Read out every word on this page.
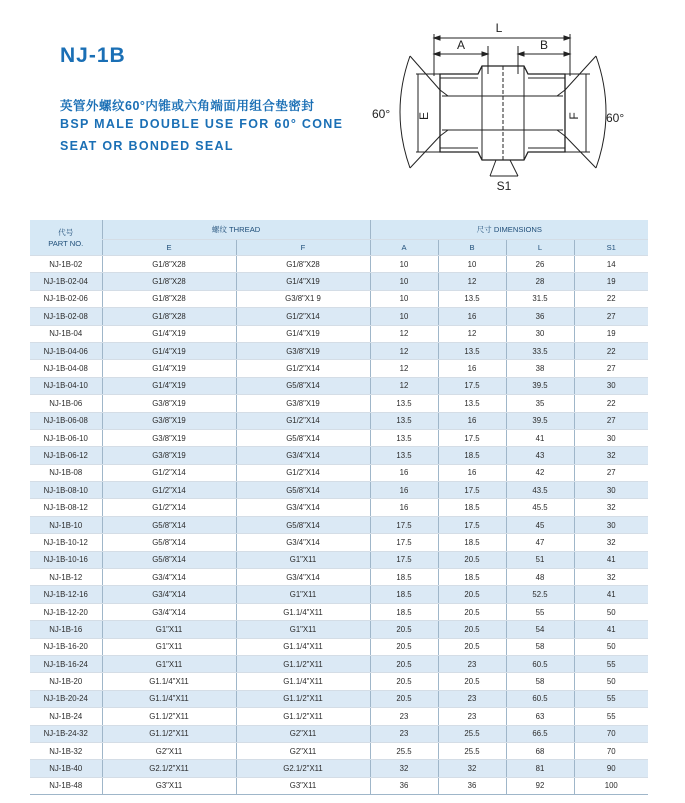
NJ-1B
英管外螺纹60°内锥或六角端面用组合垫密封
BSP MALE DOUBLE USE FOR 60° CONE
SEAT OR BONDED SEAL
L
A	B
E	F
S1
60°	60°
代号
PART NO.	螺纹 THREAD		尺寸 DIMENSIONS			
	E	F	A	B	L	S1
NJ-1B-02	G1/8"X28	G1/8"X28	10	10	26	14
NJ-1B-02-04	G1/8"X28	G1/4"X19	10	12	28	19
NJ-1B-02-06	G1/8"X28	G3/8"X1 9	10	13.5	31.5	22
NJ-1B-02-08	G1/8"X28	G1/2"X14	10	16	36	27
NJ-1B-04	G1/4"X19	G1/4"X19	12	12	30	19
NJ-1B-04-06	G1/4"X19	G3/8"X19	12	13.5	33.5	22
NJ-1B-04-08	G1/4"X19	G1/2"X14	12	16	38	27
NJ-1B-04-10	G1/4"X19	G5/8"X14	12	17.5	39.5	30
NJ-1B-06	G3/8"X19	G3/8"X19	13.5	13.5	35	22
NJ-1B-06-08	G3/8"X19	G1/2"X14	13.5	16	39.5	27
NJ-1B-06-10	G3/8"X19	G5/8"X14	13.5	17.5	41	30
NJ-1B-06-12	G3/8"X19	G3/4"X14	13.5	18.5	43	32
NJ-1B-08	G1/2"X14	G1/2"X14	16	16	42	27
NJ-1B-08-10	G1/2"X14	G5/8"X14	16	17.5	43.5	30
NJ-1B-08-12	G1/2"X14	G3/4"X14	16	18.5	45.5	32
NJ-1B-10	G5/8"X14	G5/8"X14	17.5	17.5	45	30
NJ-1B-10-12	G5/8"X14	G3/4"X14	17.5	18.5	47	32
NJ-1B-10-16	G5/8"X14	G1"X11	17.5	20.5	51	41
NJ-1B-12	G3/4"X14	G3/4"X14	18.5	18.5	48	32
NJ-1B-12-16	G3/4"X14	G1"X11	18.5	20.5	52.5	41
NJ-1B-12-20	G3/4"X14	G1.1/4"X11	18.5	20.5	55	50
NJ-1B-16	G1"X11	G1"X11	20.5	20.5	54	41
NJ-1B-16-20	G1"X11	G1.1/4"X11	20.5	20.5	58	50
NJ-1B-16-24	G1"X11	G1.1/2"X11	20.5	23	60.5	55
NJ-1B-20	G1.1/4"X11	G1.1/4"X11	20.5	20.5	58	50
NJ-1B-20-24	G1.1/4"X11	G1.1/2"X11	20.5	23	60.5	55
NJ-1B-24	G1.1/2"X11	G1.1/2"X11	23	23	63	55
NJ-1B-24-32	G1.1/2"X11	G2"X11	23	25.5	66.5	70
NJ-1B-32	G2"X11	G2"X11	25.5	25.5	68	70
NJ-1B-40	G2.1/2"X11	G2.1/2"X11	32	32	81	90
NJ-1B-48	G3"X11	G3"X11	36	36	92	100
